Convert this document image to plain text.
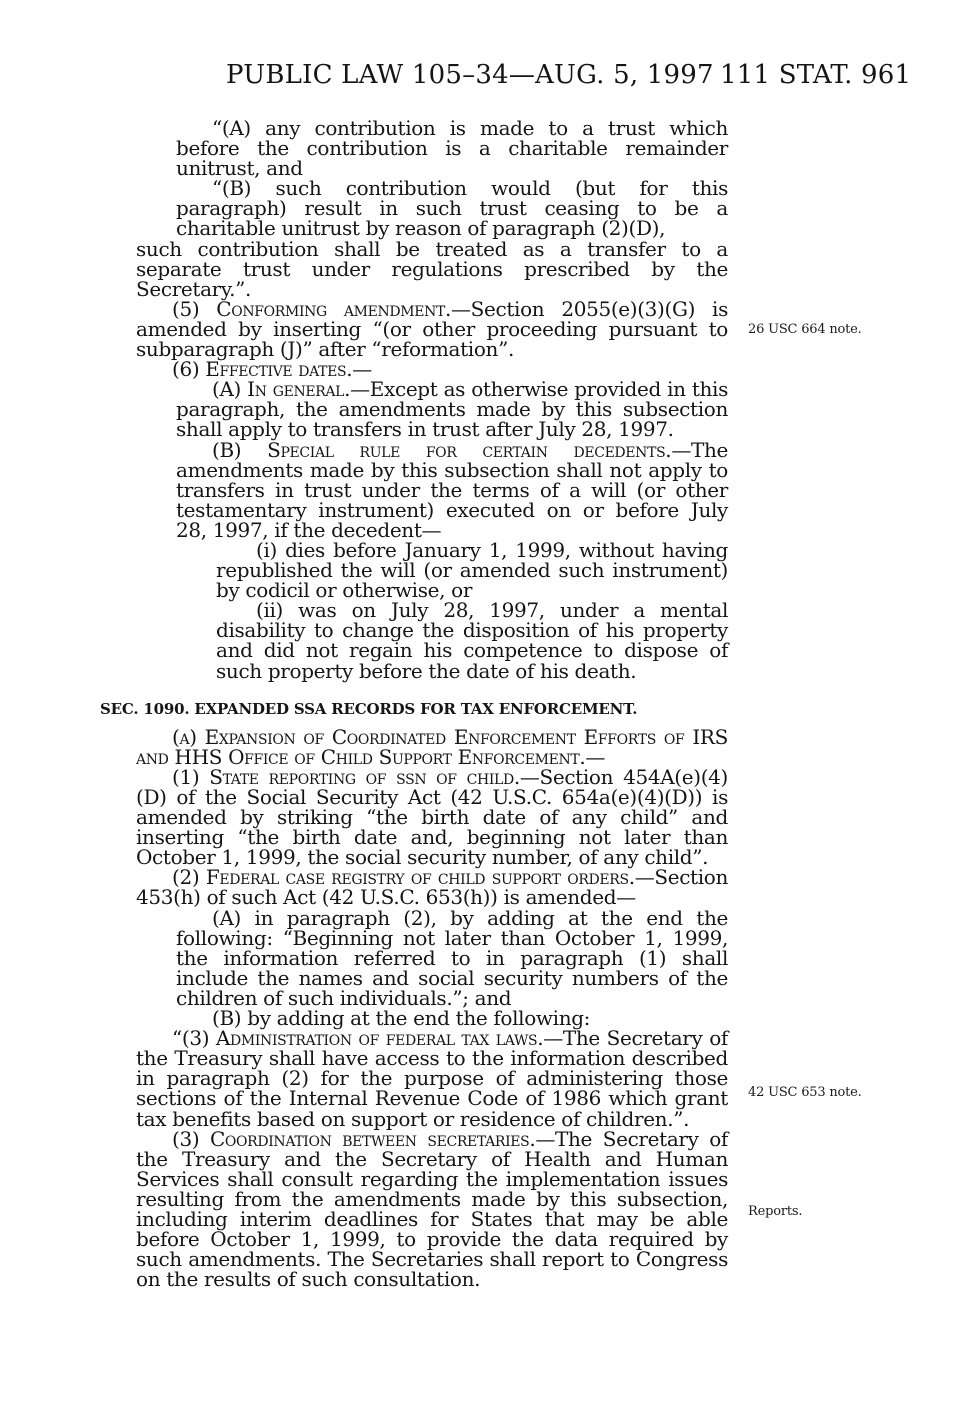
PUBLIC LAW 105–34—AUG. 5, 1997 111 STAT. 961

“(A) any contribution is made to a trust which before the contribution is a charitable remainder unitrust, and

“(B) such contribution would (but for this paragraph) result in such trust ceasing to be a charitable unitrust by reason of paragraph (2)(D),

such contribution shall be treated as a transfer to a separate trust under regulations prescribed by the Secretary.”.

(5) Conforming amendment.—Section 2055(e)(3)(G) is amended by inserting “(or other proceeding pursuant to subparagraph (J)” after “reformation”.

(6) Effective dates.—

(A) In general.—Except as otherwise provided in this paragraph, the amendments made by this subsection shall apply to transfers in trust after July 28, 1997.

(B) Special rule for certain decedents.—The amendments made by this subsection shall not apply to transfers in trust under the terms of a will (or other testamentary instrument) executed on or before July 28, 1997, if the decedent—

(i) dies before January 1, 1999, without having republished the will (or amended such instrument) by codicil or otherwise, or

(ii) was on July 28, 1997, under a mental disability to change the disposition of his property and did not regain his competence to dispose of such property before the date of his death.

SEC. 1090. EXPANDED SSA RECORDS FOR TAX ENFORCEMENT.

(a) Expansion of Coordinated Enforcement Efforts of IRS and HHS Office of Child Support Enforcement.—

(1) State reporting of ssn of child.—Section 454A(e)(4)(D) of the Social Security Act (42 U.S.C. 654a(e)(4)(D)) is amended by striking “the birth date of any child” and inserting “the birth date and, beginning not later than October 1, 1999, the social security number, of any child”.

(2) Federal case registry of child support orders.—Section 453(h) of such Act (42 U.S.C. 653(h)) is amended—

(A) in paragraph (2), by adding at the end the following: “Beginning not later than October 1, 1999, the information referred to in paragraph (1) shall include the names and social security numbers of the children of such individuals.”; and

(B) by adding at the end the following:

“(3) Administration of federal tax laws.—The Secretary of the Treasury shall have access to the information described in paragraph (2) for the purpose of administering those sections of the Internal Revenue Code of 1986 which grant tax benefits based on support or residence of children.”.

(3) Coordination between secretaries.—The Secretary of the Treasury and the Secretary of Health and Human Services shall consult regarding the implementation issues resulting from the amendments made by this subsection, including interim deadlines for States that may be able before October 1, 1999, to provide the data required by such amendments. The Secretaries shall report to Congress on the results of such consultation.

26 USC 664 note.
42 USC 653 note.
Reports.
